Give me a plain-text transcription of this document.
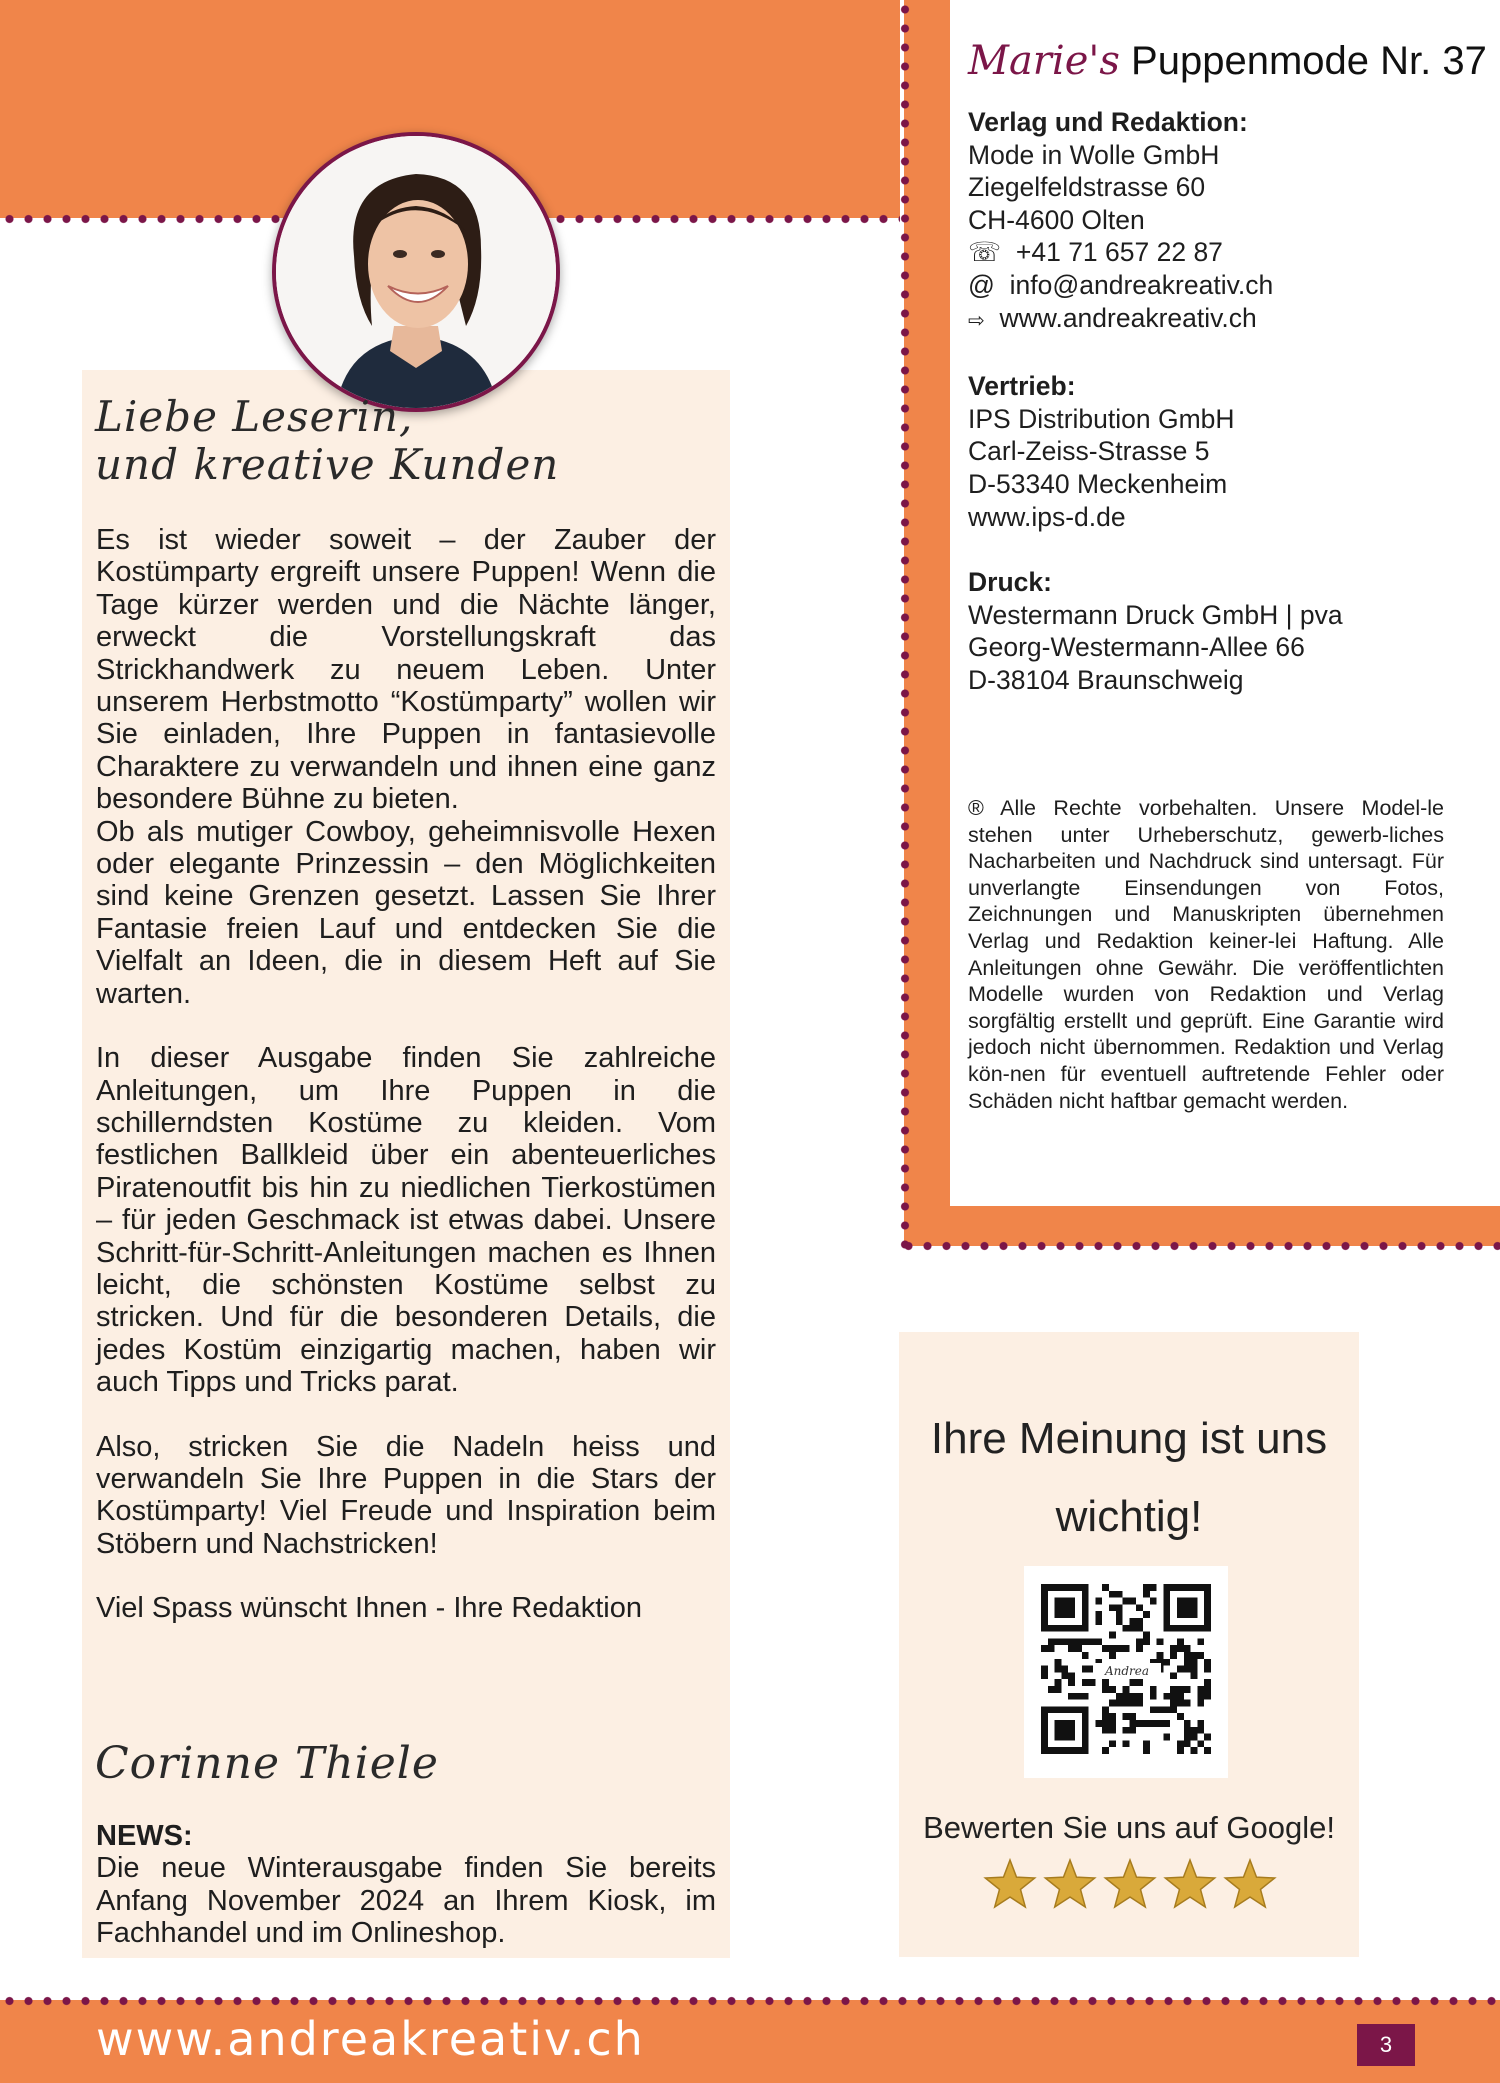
Liebe Leserin,
und kreative Kunden

Es ist wieder soweit – der Zauber der Kostümparty ergreift unsere Puppen! Wenn die Tage kürzer werden und die Nächte länger, erweckt die Vorstellungskraft das Strickhandwerk zu neuem Leben. Unter unserem Herbstmotto “Kostümparty” wollen wir Sie einladen, Ihre Puppen in fantasievolle Charaktere zu verwandeln und ihnen eine ganz besondere Bühne zu bieten.

Ob als mutiger Cowboy, geheimnisvolle Hexen oder elegante Prinzessin – den Möglichkeiten sind keine Grenzen gesetzt. Lassen Sie Ihrer Fantasie freien Lauf und entdecken Sie die Vielfalt an Ideen, die in diesem Heft auf Sie warten.

In dieser Ausgabe finden Sie zahlreiche Anleitungen, um Ihre Puppen in die schillerndsten Kostüme zu kleiden. Vom festlichen Ballkleid über ein abenteuerliches Piratenoutfit bis hin zu niedlichen Tierkostümen – für jeden Geschmack ist etwas dabei. Unsere Schritt-für-Schritt-Anleitungen machen es Ihnen leicht, die schönsten Kostüme selbst zu stricken. Und für die besonderen Details, die jedes Kostüm einzigartig machen, haben wir auch Tipps und Tricks parat.

Also, stricken Sie die Nadeln heiss und verwandeln Sie Ihre Puppen in die Stars der Kostümparty! Viel Freude und Inspiration beim Stöbern und Nachstricken!

Viel Spass wünscht Ihnen - Ihre Redaktion

Corinne Thiele

NEWS:

Die neue Winterausgabe finden Sie bereits Anfang November 2024 an Ihrem Kiosk, im Fachhandel und im Onlineshop.

Marie's Puppenmode Nr. 37
Verlag und Redaktion:
Mode in Wolle GmbH
Ziegelfeldstrasse 60
CH-4600 Olten
☏ +41 71 657 22 87
@ info@andreakreativ.ch
⇨ www.andreakreativ.ch
Vertrieb:
IPS Distribution GmbH
Carl-Zeiss-Strasse 5
D-53340 Meckenheim
www.ips-d.de
Druck:
Westermann Druck GmbH | pva
Georg-Westermann-Allee 66
D-38104 Braunschweig

® Alle Rechte vorbehalten. Unsere Model-le stehen unter Urheberschutz, gewerb-liches Nacharbeiten und Nachdruck sind untersagt. Für unverlangte Einsendungen von Fotos, Zeichnungen und Manuskripten übernehmen Verlag und Redaktion keiner-lei Haftung. Alle Anleitungen ohne Gewähr. Die veröffentlichten Modelle wurden von Redaktion und Verlag sorgfältig erstellt und geprüft. Eine Garantie wird jedoch nicht übernommen. Redaktion und Verlag kön-nen für eventuell auftretende Fehler oder Schäden nicht haftbar gemacht werden.

Ihre Meinung ist uns
wichtig!
Andrea

Bewerten Sie uns auf Google!

www.andreakreativ.ch	3
